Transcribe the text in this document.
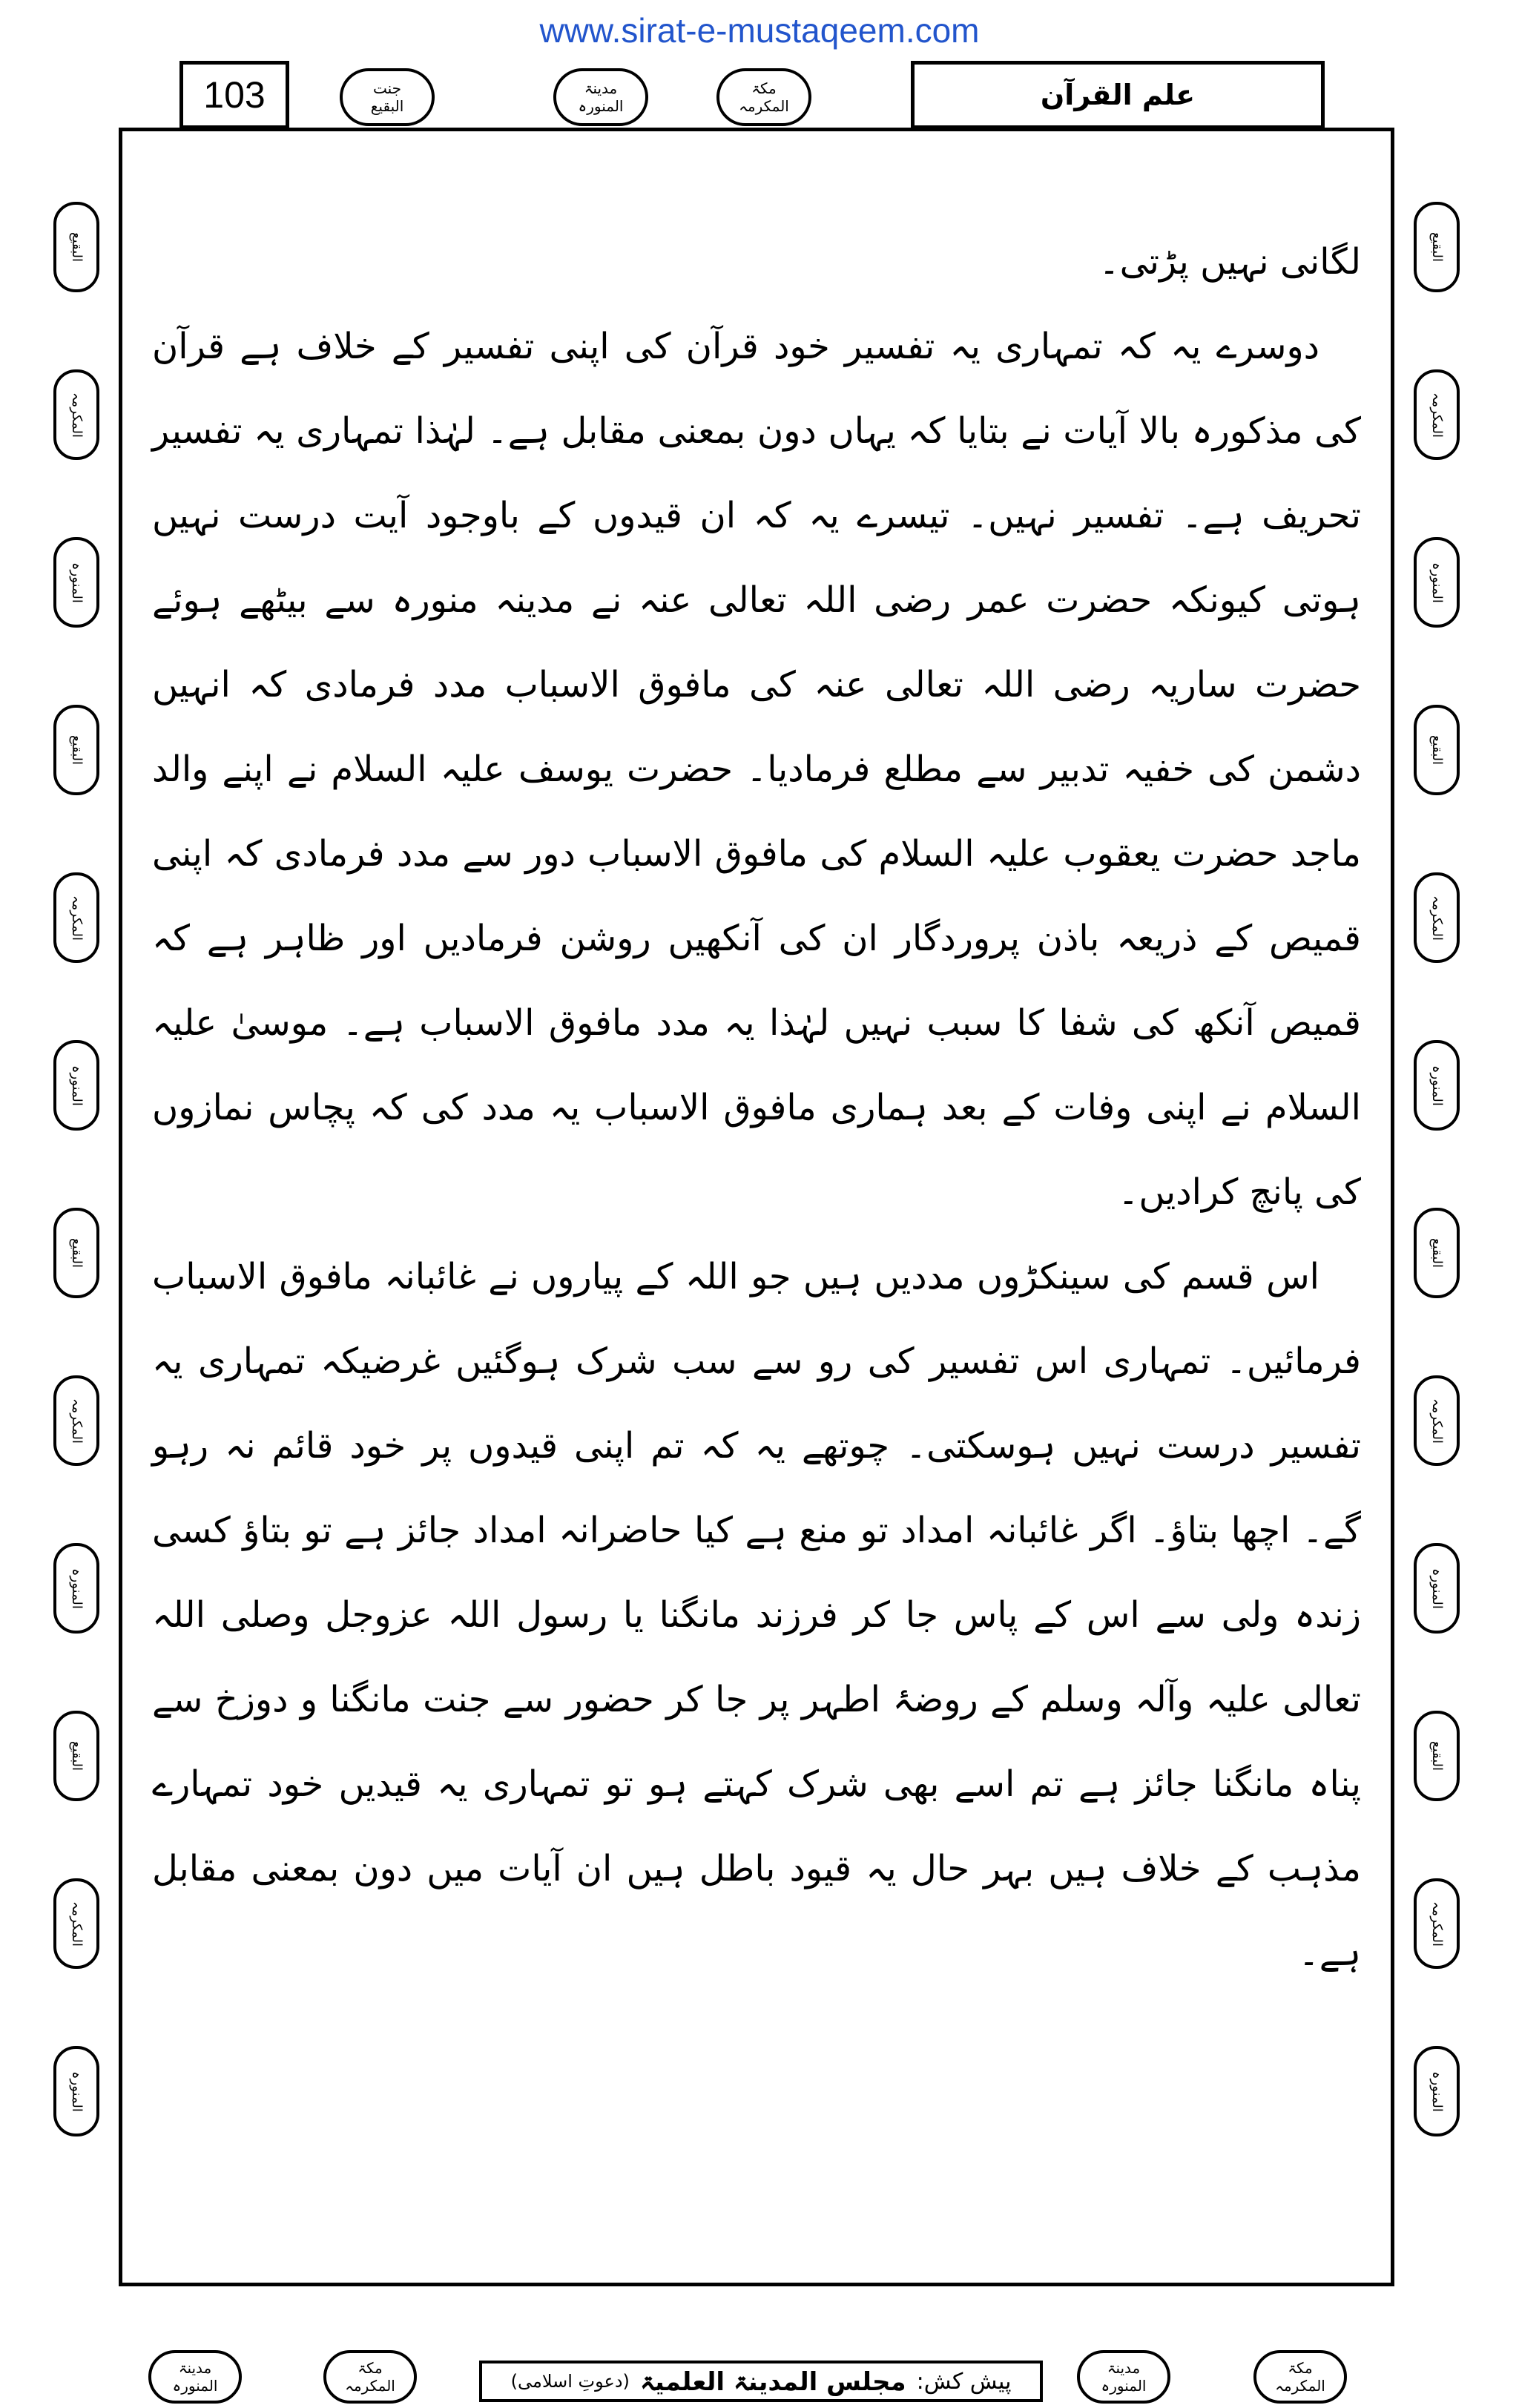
www.sirat-e-mustaqeem.com
103	جنت
البقیع
مدینۃ
المنورہ
مکۃ
المکرمہ	علم القرآن
البقیع
المکرمہ
المنورہ
البقیع
المکرمہ
المنورہ
البقیع
المکرمہ
المنورہ
البقیع
المکرمہ
المنورہ
البقیع
المکرمہ
المنورہ
البقیع
المکرمہ
المنورہ
البقیع
المکرمہ
المنورہ
البقیع
المکرمہ
المنورہ

لگانی نہیں پڑتی۔

دوسرے یہ کہ تمہاری یہ تفسیر خود قرآن کی اپنی تفسیر کے خلاف ہے قرآن کی مذکورہ بالا آیات نے بتایا کہ یہاں دون بمعنی مقابل ہے۔ لہٰذا تمہاری یہ تفسیر تحریف ہے۔ تفسیر نہیں۔ تیسرے یہ کہ ان قیدوں کے باوجود آیت درست نہیں ہوتی کیونکہ حضرت عمر رضی اللہ تعالی عنہ نے مدینہ منورہ سے بیٹھے ہوئے حضرت ساریہ رضی اللہ تعالی عنہ کی مافوق الاسباب مدد فرمادی کہ انہیں دشمن کی خفیہ تدبیر سے مطلع فرمادیا۔ حضرت یوسف علیہ السلام نے اپنے والد ماجد حضرت یعقوب علیہ السلام کی مافوق الاسباب دور سے مدد فرمادی کہ اپنی قمیص کے ذریعہ باذن پروردگار ان کی آنکھیں روشن فرمادیں اور ظاہر ہے کہ قمیص آنکھ کی شفا کا سبب نہیں لہٰذا یہ مدد مافوق الاسباب ہے۔ موسیٰ علیہ السلام نے اپنی وفات کے بعد ہماری مافوق الاسباب یہ مدد کی کہ پچاس نمازوں کی پانچ کرادیں۔

اس قسم کی سینکڑوں مددیں ہیں جو اللہ کے پیاروں نے غائبانہ مافوق الاسباب فرمائیں۔ تمہاری اس تفسیر کی رو سے سب شرک ہوگئیں غرضیکہ تمہاری یہ تفسیر درست نہیں ہوسکتی۔ چوتھے یہ کہ تم اپنی قیدوں پر خود قائم نہ رہو گے۔ اچھا بتاؤ۔ اگر غائبانہ امداد تو منع ہے کیا حاضرانہ امداد جائز ہے تو بتاؤ کسی زندہ ولی سے اس کے پاس جا کر فرزند مانگنا یا رسول اللہ عزوجل وصلی اللہ تعالی علیہ وآلہ وسلم کے روضۂ اطہر پر جا کر حضور سے جنت مانگنا و دوزخ سے پناہ مانگنا جائز ہے تم اسے بھی شرک کہتے ہو تو تمہاری یہ قیدیں خود تمہارے مذہب کے خلاف ہیں بہر حال یہ قیود باطل ہیں ان آیات میں دون بمعنی مقابل ہے۔

مدینۃ
المنورہ
مکۃ
المکرمہ	پیش کش:
مجلس المدینۃ العلمیۃ
(دعوتِ اسلامی)
مدینۃ
المنورہ
مکۃ
المکرمہ
